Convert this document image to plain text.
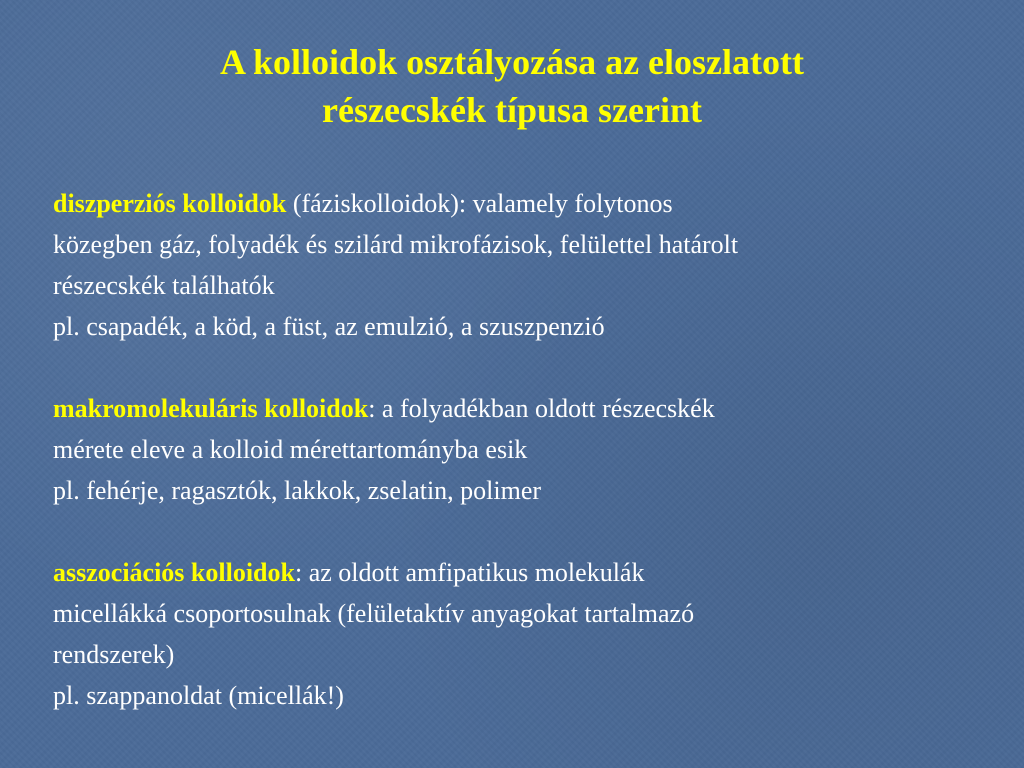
A kolloidok osztályozása az eloszlatott
részecskék típusa szerint
diszperziós kolloidok (fáziskolloidok): valamely folytonos
közegben gáz, folyadék és szilárd mikrofázisok, felülettel határolt
részecskék találhatók
pl. csapadék, a köd, a füst, az emulzió, a szuszpenzió
makromolekuláris kolloidok: a folyadékban oldott részecskék
mérete eleve a kolloid mérettartományba esik
pl. fehérje, ragasztók, lakkok, zselatin, polimer
asszociációs kolloidok: az oldott amfipatikus molekulák
micellákká csoportosulnak (felületaktív anyagokat tartalmazó
rendszerek)
pl. szappanoldat (micellák!)
